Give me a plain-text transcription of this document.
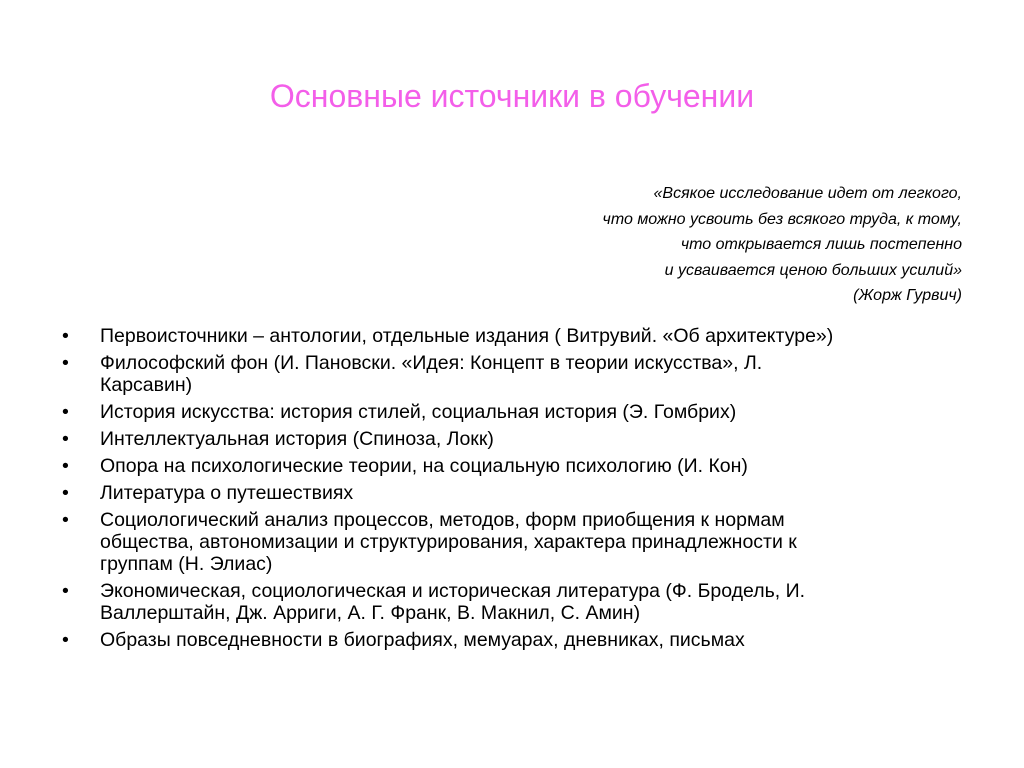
Основные источники в обучении
«Всякое исследование идет от легкого,
что можно усвоить без всякого труда, к тому,
что открывается лишь постепенно
и усваивается ценою больших усилий»
(Жорж Гурвич)
•	Первоисточники – антологии, отдельные издания ( Витрувий. «Об архитектуре»)
•	Философский фон (И. Пановски. «Идея: Концепт в теории искусства», Л.
Карсавин)
•	История искусства: история стилей, социальная история (Э. Гомбрих)
•	Интеллектуальная история (Спиноза, Локк)
•	Опора на психологические теории, на социальную психологию (И. Кон)
•	Литература о путешествиях
•	Социологический анализ процессов, методов, форм приобщения к нормам
общества, автономизации и структурирования, характера принадлежности к
группам (Н. Элиас)
•	Экономическая, социологическая и историческая литература (Ф. Бродель, И.
Валлерштайн, Дж. Арриги, А. Г. Франк, В. Макнил, С. Амин)
•	Образы повседневности в биографиях, мемуарах, дневниках, письмах
